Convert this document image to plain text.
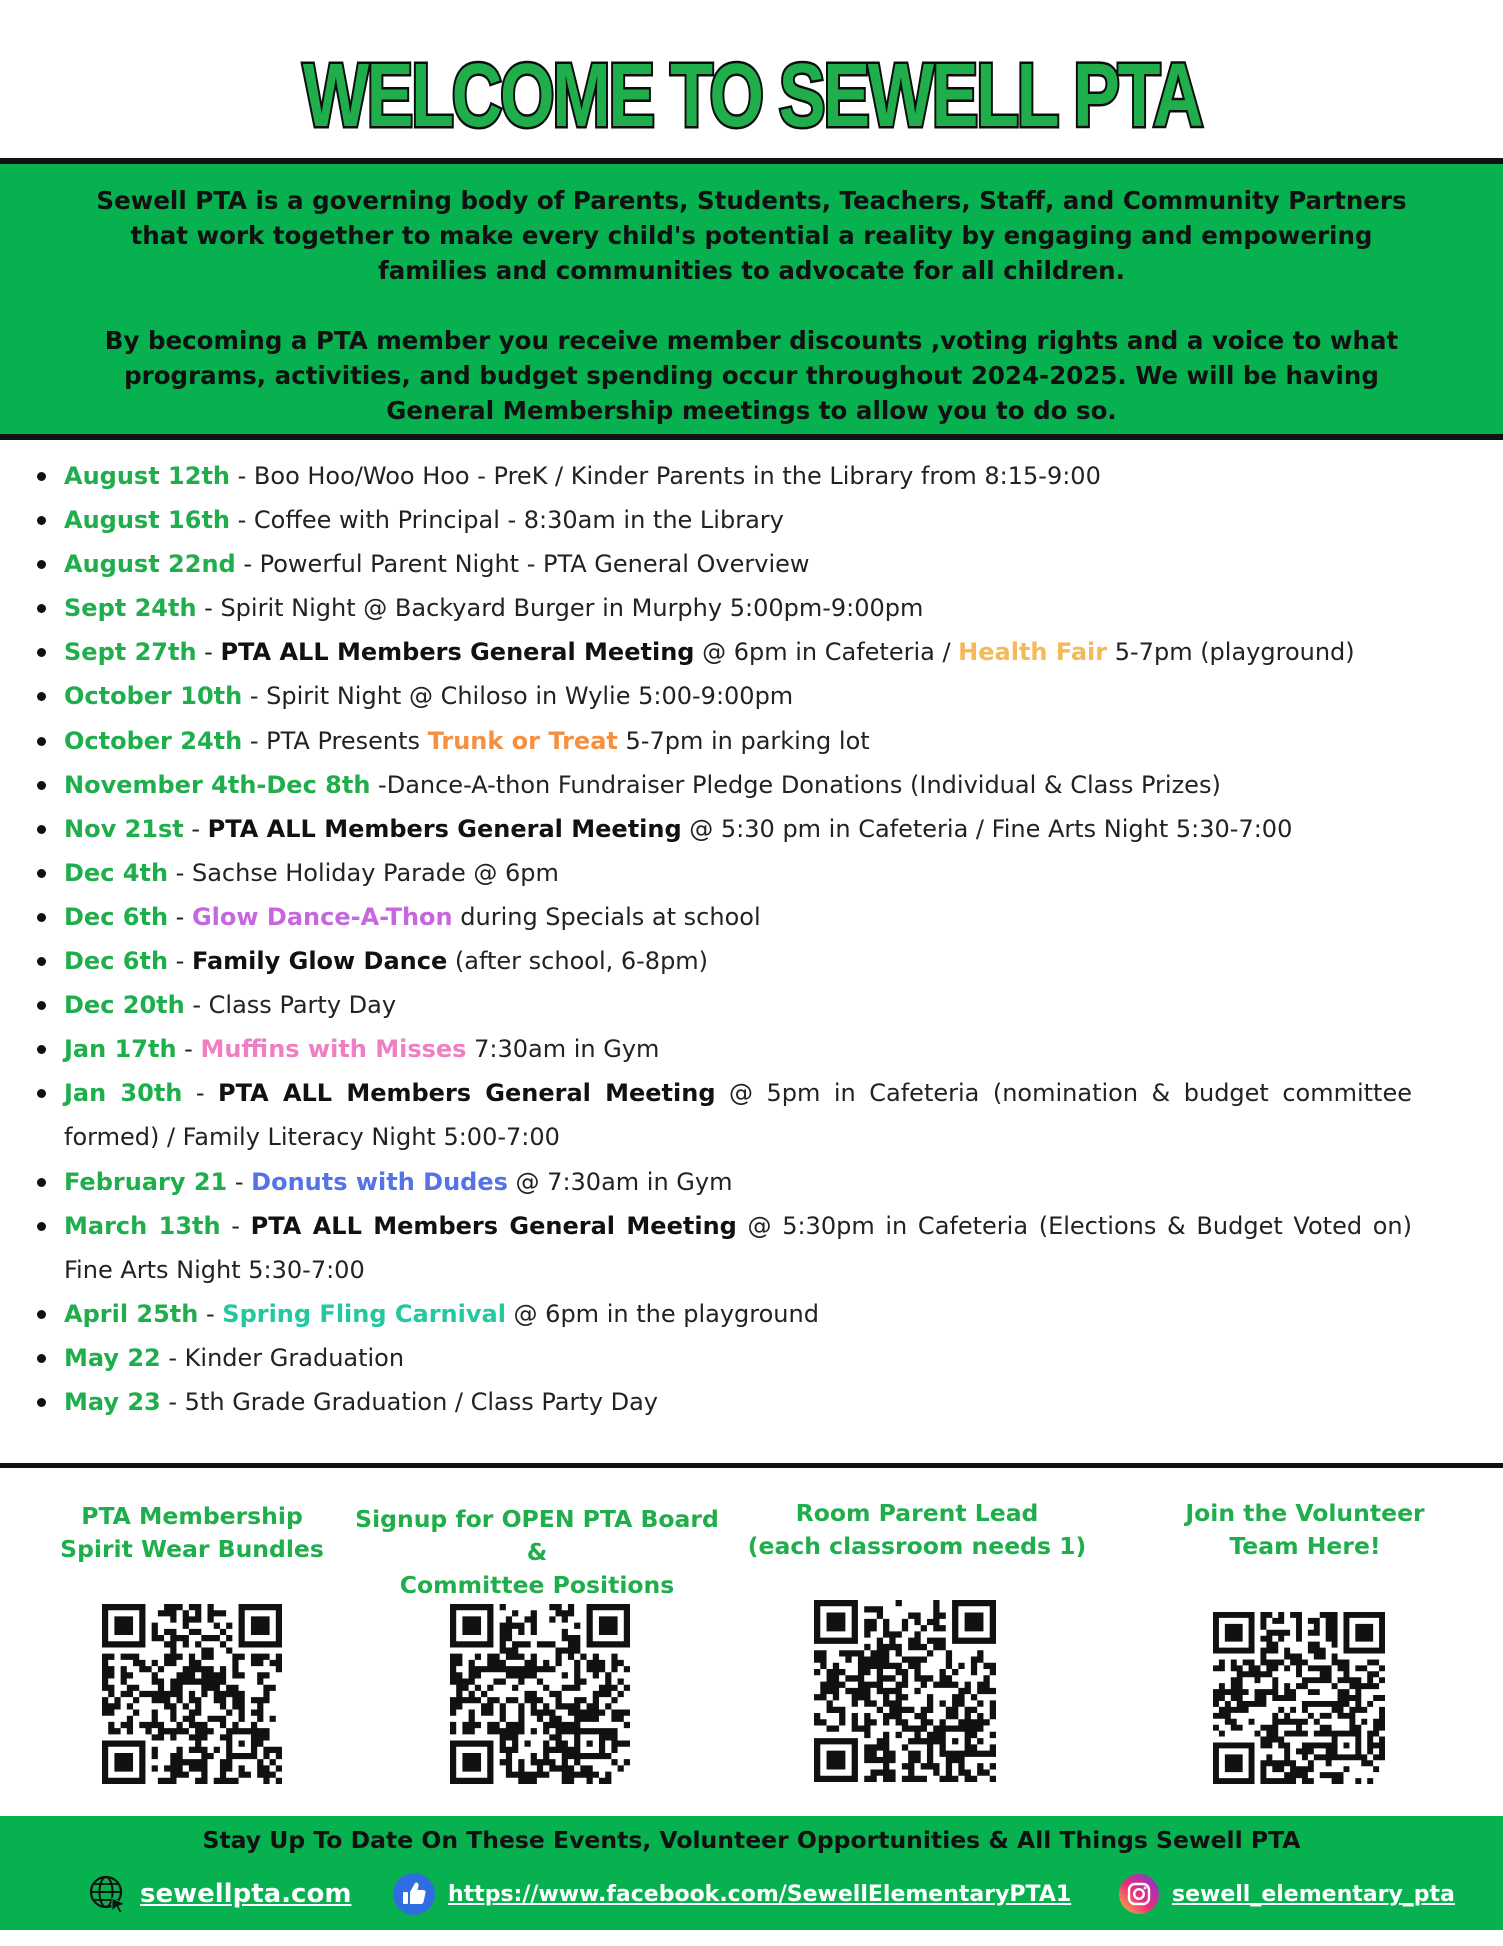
WELCOME TO SEWELL PTA

Sewell PTA is a governing body of Parents, Students, Teachers, Staff, and Community Partners
that work together to make every child's potential a reality by engaging and empowering
families and communities to advocate for all children.

By becoming a PTA member you receive member discounts ,voting rights and a voice to what
programs, activities, and budget spending occur throughout 2024-2025. We will be having
General Membership meetings to allow you to do so.

August 12th - Boo Hoo/Woo Hoo - PreK / Kinder Parents in the Library from 8:15-9:00
August 16th - Coffee with Principal - 8:30am in the Library
August 22nd - Powerful Parent Night - PTA General Overview
Sept 24th - Spirit Night @ Backyard Burger in Murphy 5:00pm-9:00pm
Sept 27th - PTA ALL Members General Meeting @ 6pm in Cafeteria / Health Fair 5-7pm (playground)
October 10th - Spirit Night @ Chiloso in Wylie 5:00-9:00pm
October 24th - PTA Presents Trunk or Treat 5-7pm in parking lot
November 4th-Dec 8th -Dance-A-thon Fundraiser Pledge Donations (Individual & Class Prizes)
Nov 21st - PTA ALL Members General Meeting @ 5:30 pm in Cafeteria / Fine Arts Night 5:30-7:00
Dec 4th - Sachse Holiday Parade @ 6pm
Dec 6th - Glow Dance-A-Thon during Specials at school
Dec 6th - Family Glow Dance (after school, 6-8pm)
Dec 20th - Class Party Day
Jan 17th - Muffins with Misses 7:30am in Gym
Jan 30th - PTA ALL Members General Meeting @ 5pm in Cafeteria (nomination & budget committee formed) / Family Literacy Night 5:00-7:00
February 21 - Donuts with Dudes @ 7:30am in Gym
March 13th - PTA ALL Members General Meeting @ 5:30pm in Cafeteria (Elections & Budget Voted on) Fine Arts Night 5:30-7:00
April 25th - Spring Fling Carnival @ 6pm in the playground
May 22 - Kinder Graduation
May 23 - 5th Grade Graduation / Class Party Day
PTA Membership
Spirit Wear Bundles
Signup for OPEN PTA Board &
Committee Positions
Room Parent Lead
(each classroom needs 1)
Join the Volunteer
Team Here!
Stay Up To Date On These Events, Volunteer Opportunities & All Things Sewell PTA
sewellpta.com	https://www.facebook.com/SewellElementaryPTA1	sewell_elementary_pta
